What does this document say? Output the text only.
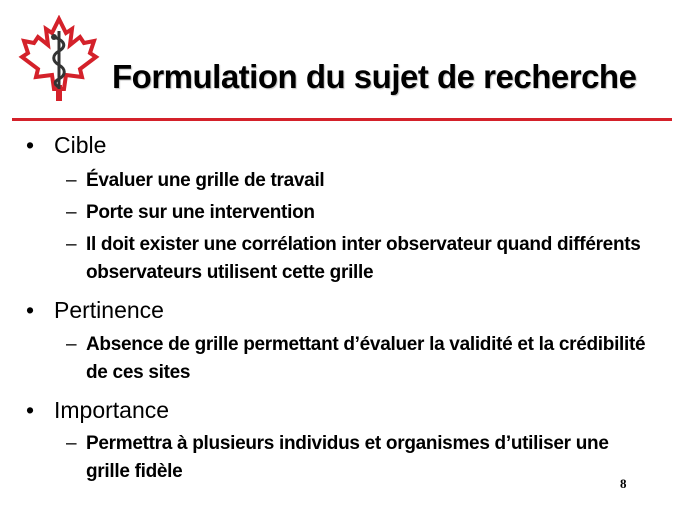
Formulation du sujet de recherche
• Cible
– Évaluer une grille de travail
– Porte sur une intervention
– Il doit exister une corrélation inter observateur quand différents
observateurs utilisent cette grille
• Pertinence
– Absence de grille permettant d’évaluer la validité et la crédibilité
de ces sites
• Importance
– Permettra à plusieurs individus et organismes d’utiliser une
grille fidèle
8
